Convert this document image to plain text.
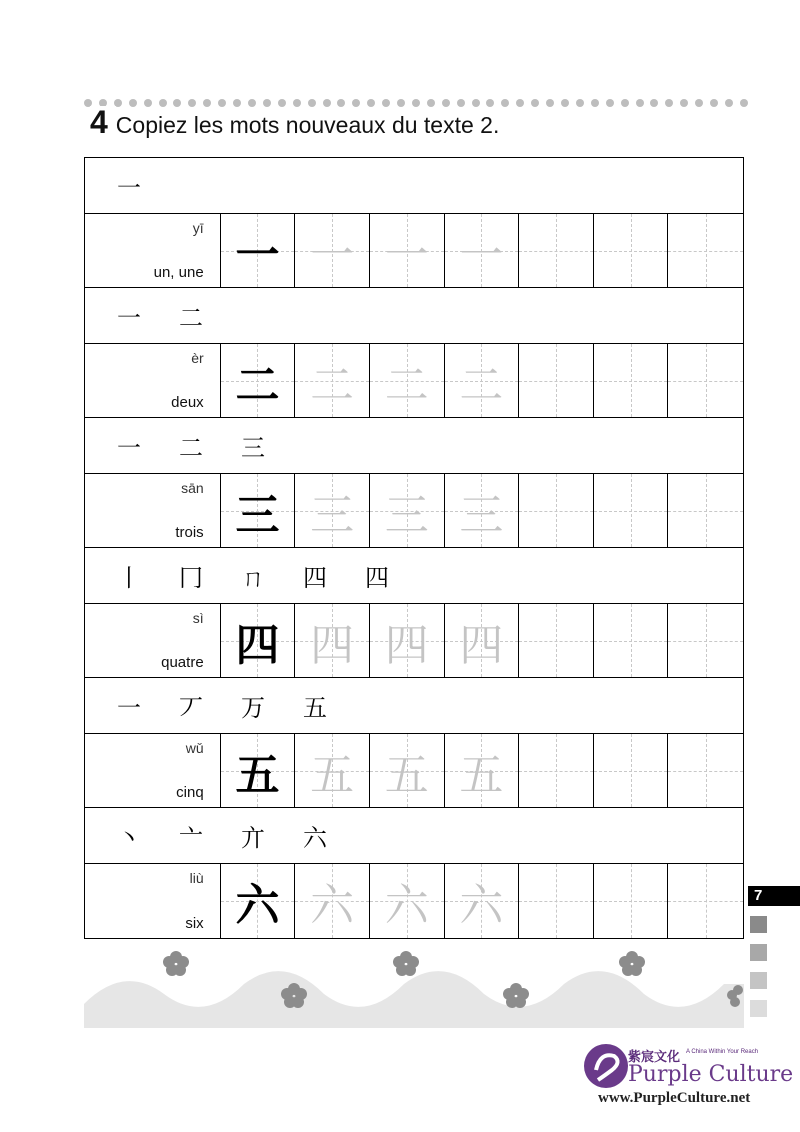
4 Copiez les mots nouveaux du texte 2.
一
yī
un, une 一 一 一 一
一	二
èr
deux 二 二 二 二
一	二	三
sān
trois 三 三 三 三
丨	冂	ㄇ	四	四
sì
quatre 四 四 四 四
一	丆	万	五
wǔ
cinq 五 五 五 五
丶	亠	亣	六
liù
six 六 六 六 六	7
紫宸文化 A China Within Your Reach
Purple Culture
www.PurpleCulture.net
